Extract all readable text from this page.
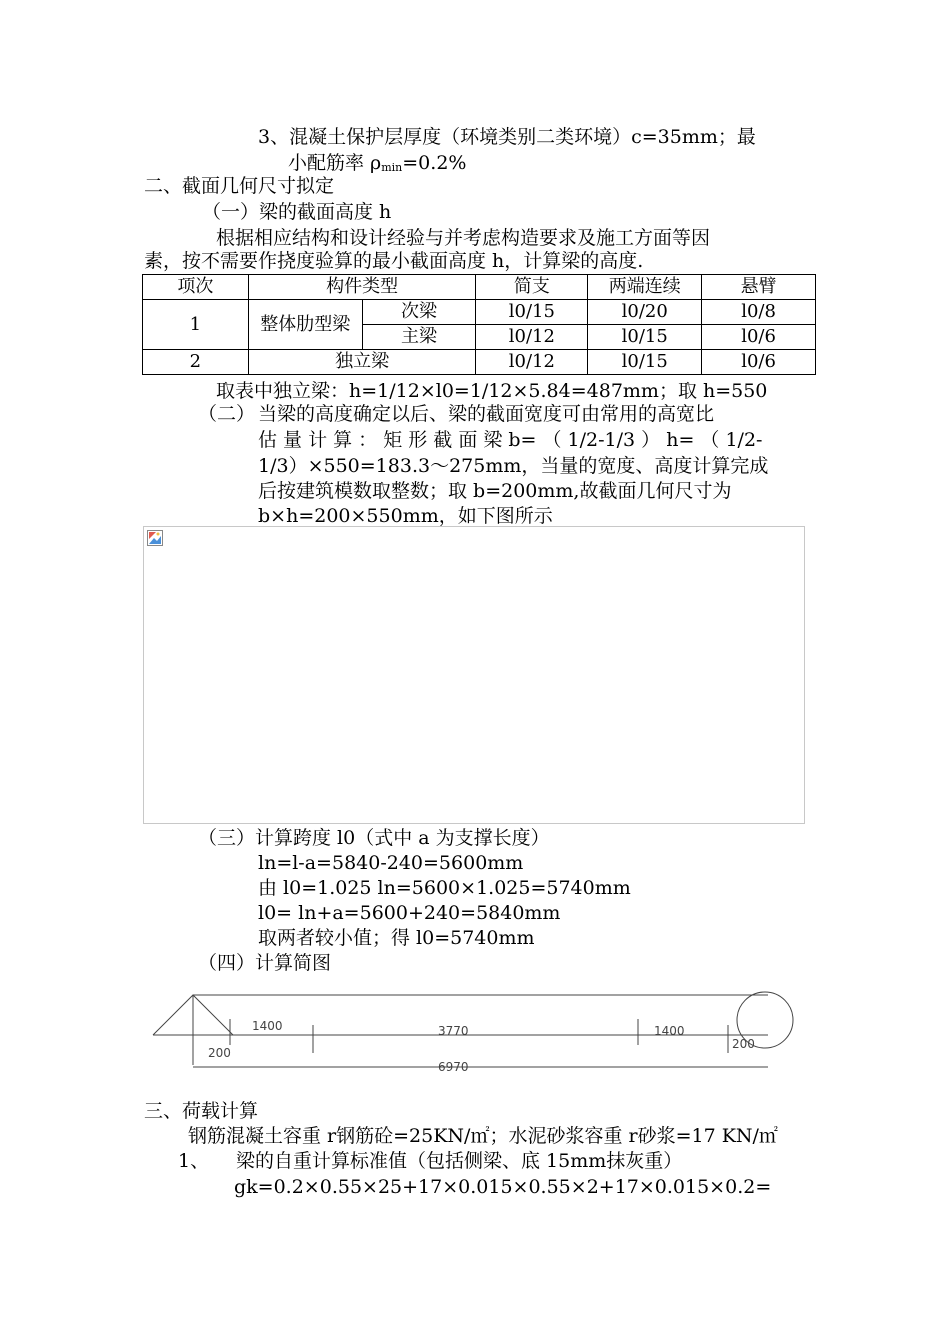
3、混凝土保护层厚度（环境类别二类环境）c=35mm；最
小配筋率 $\rho_{min}=0.2\%$
二、截面几何尺寸拟定
（一）梁的截面高度 h
根据相应结构和设计经验与并考虑构造要求及施工方面等因
素，按不需要作挠度验算的最小截面高度 h，计算梁的高度.
项次	构件类型		简支	两端连续	悬臂
1	整体肋型梁	次梁	l0/15	l0/20	l0/8
		主梁	l0/12	l0/15	l0/6
2	独立梁		l0/12	l0/15	l0/6
取表中独立梁：h=1/12×l0=1/12×5.84=487mm；取 h=550
（二） 当梁的高度确定以后、梁的截面宽度可由常用的高宽比
估 量 计 算 ： 矩 形 截 面 梁 b= （ 1/2-1/3 ） h= （ 1/2-
1/3）×550=183.3～275mm，当量的宽度、高度计算完成
后按建筑模数取整数；取 b=200mm,故截面几何尺寸为
b×h=200×550mm，如下图所示
（三）计算跨度 l0（式中 a 为支撑长度）
ln=l-a=5840-240=5600mm
由 l0=1.025 ln=5600×1.025=5740mm
l0= ln+a=5600+240=5840mm
取两者较小值；得 l0=5740mm
（四）计算简图
1400	3770	1400
200
200
6970
三、荷载计算
钢筋混凝土容重 r钢筋砼=25KN/㎡；水泥砂浆容重 r砂浆=17 KN/㎡
1、 梁的自重计算标准值（包括侧梁、底 15mm抹灰重）
gk=0.2×0.55×25+17×0.015×0.55×2+17×0.015×0.2=
